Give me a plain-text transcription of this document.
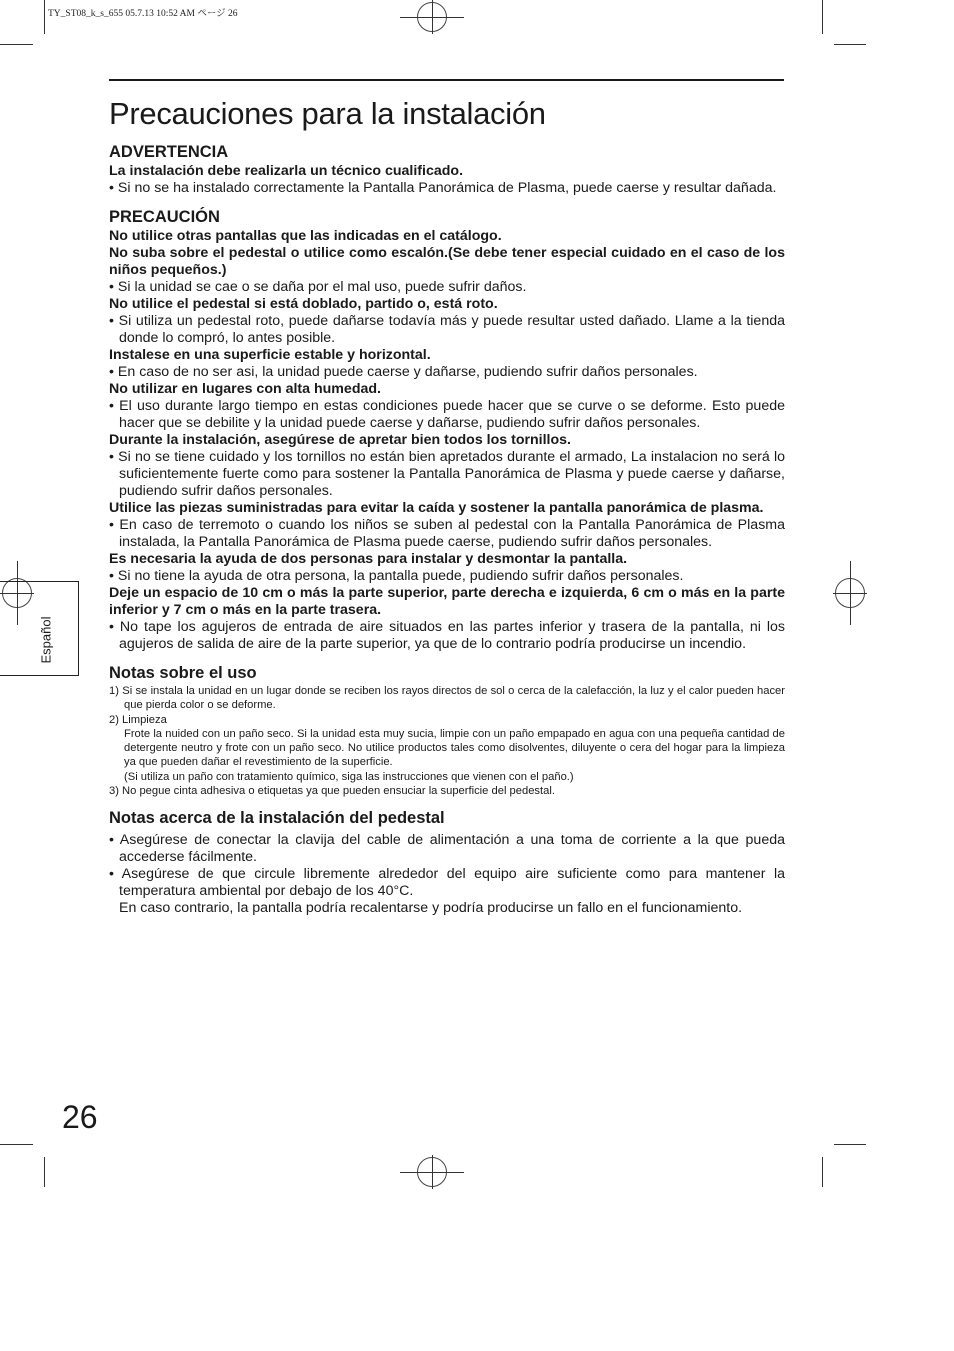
TY_ST08_k_s_655 05.7.13 10:52 AM ページ 26
Precauciones para la instalación
Español
ADVERTENCIA

La instalación debe realizarla un técnico cualificado.

• Si no se ha instalado correctamente la Pantalla Panorámica de Plasma, puede caerse y resultar dañada.

PRECAUCIÓN

No utilice otras pantallas que las indicadas en el catálogo.

No suba sobre el pedestal o utilice como escalón.(Se debe tener especial cuidado en el caso de los niños pequeños.)

• Si la unidad se cae o se daña por el mal uso, puede sufrir daños.

No utilice el pedestal si está doblado, partido o, está roto.

• Si utiliza un pedestal roto, puede dañarse todavía más y puede resultar usted dañado. Llame a la tienda donde lo compró, lo antes posible.

Instalese en una superficie estable y horizontal.

• En caso de no ser asi, la unidad puede caerse y dañarse, pudiendo sufrir daños personales.

No utilizar en lugares con alta humedad.

• El uso durante largo tiempo en estas condiciones puede hacer que se curve o se deforme. Esto puede hacer que se debilite y la unidad puede caerse y dañarse, pudiendo sufrir daños personales.

Durante la instalación, asegúrese de apretar bien todos los tornillos.

• Si no se tiene cuidado y los tornillos no están bien apretados durante el armado, La instalacion no será lo suficientemente fuerte como para sostener la Pantalla Panorámica de Plasma y puede caerse y dañarse, pudiendo sufrir daños personales.

Utilice las piezas suministradas para evitar la caída y sostener la pantalla panorámica de plasma.

• En caso de terremoto o cuando los niños se suben al pedestal con la Pantalla Panorámica de Plasma instalada, la Pantalla Panorámica de Plasma puede caerse, pudiendo sufrir daños personales.

Es necesaria la ayuda de dos personas para instalar y desmontar la pantalla.

• Si no tiene la ayuda de otra persona, la pantalla puede, pudiendo sufrir daños personales.

Deje un espacio de 10 cm o más la parte superior, parte derecha e izquierda, 6 cm o más en la parte inferior y 7 cm o más en la parte trasera.

• No tape los agujeros de entrada de aire situados en las partes inferior y trasera de la pantalla, ni los agujeros de salida de aire de la parte superior, ya que de lo contrario podría producirse un incendio.

Notas sobre el uso

1) Si se instala la unidad en un lugar donde se reciben los rayos directos de sol o cerca de la calefacción, la luz y el calor pueden hacer que pierda color o se deforme.

2) Limpieza

Frote la nuided con un paño seco. Si la unidad esta muy sucia, limpie con un paño empapado en agua con una pequeña cantidad de detergente neutro y frote con un paño seco. No utilice productos tales como disolventes, diluyente o cera del hogar para la limpieza ya que pueden dañar el revestimiento de la superficie.

(Si utiliza un paño con tratamiento químico, siga las instrucciones que vienen con el paño.)

3) No pegue cinta adhesiva o etiquetas ya que pueden ensuciar la superficie del pedestal.

Notas acerca de la instalación del pedestal

• Asegúrese de conectar la clavija del cable de alimentación a una toma de corriente a la que pueda accederse fácilmente.

• Asegúrese de que circule libremente alrededor del equipo aire suficiente como para mantener la temperatura ambiental por debajo de los 40°C.

En caso contrario, la pantalla podría recalentarse y podría producirse un fallo en el funcionamiento.

26
